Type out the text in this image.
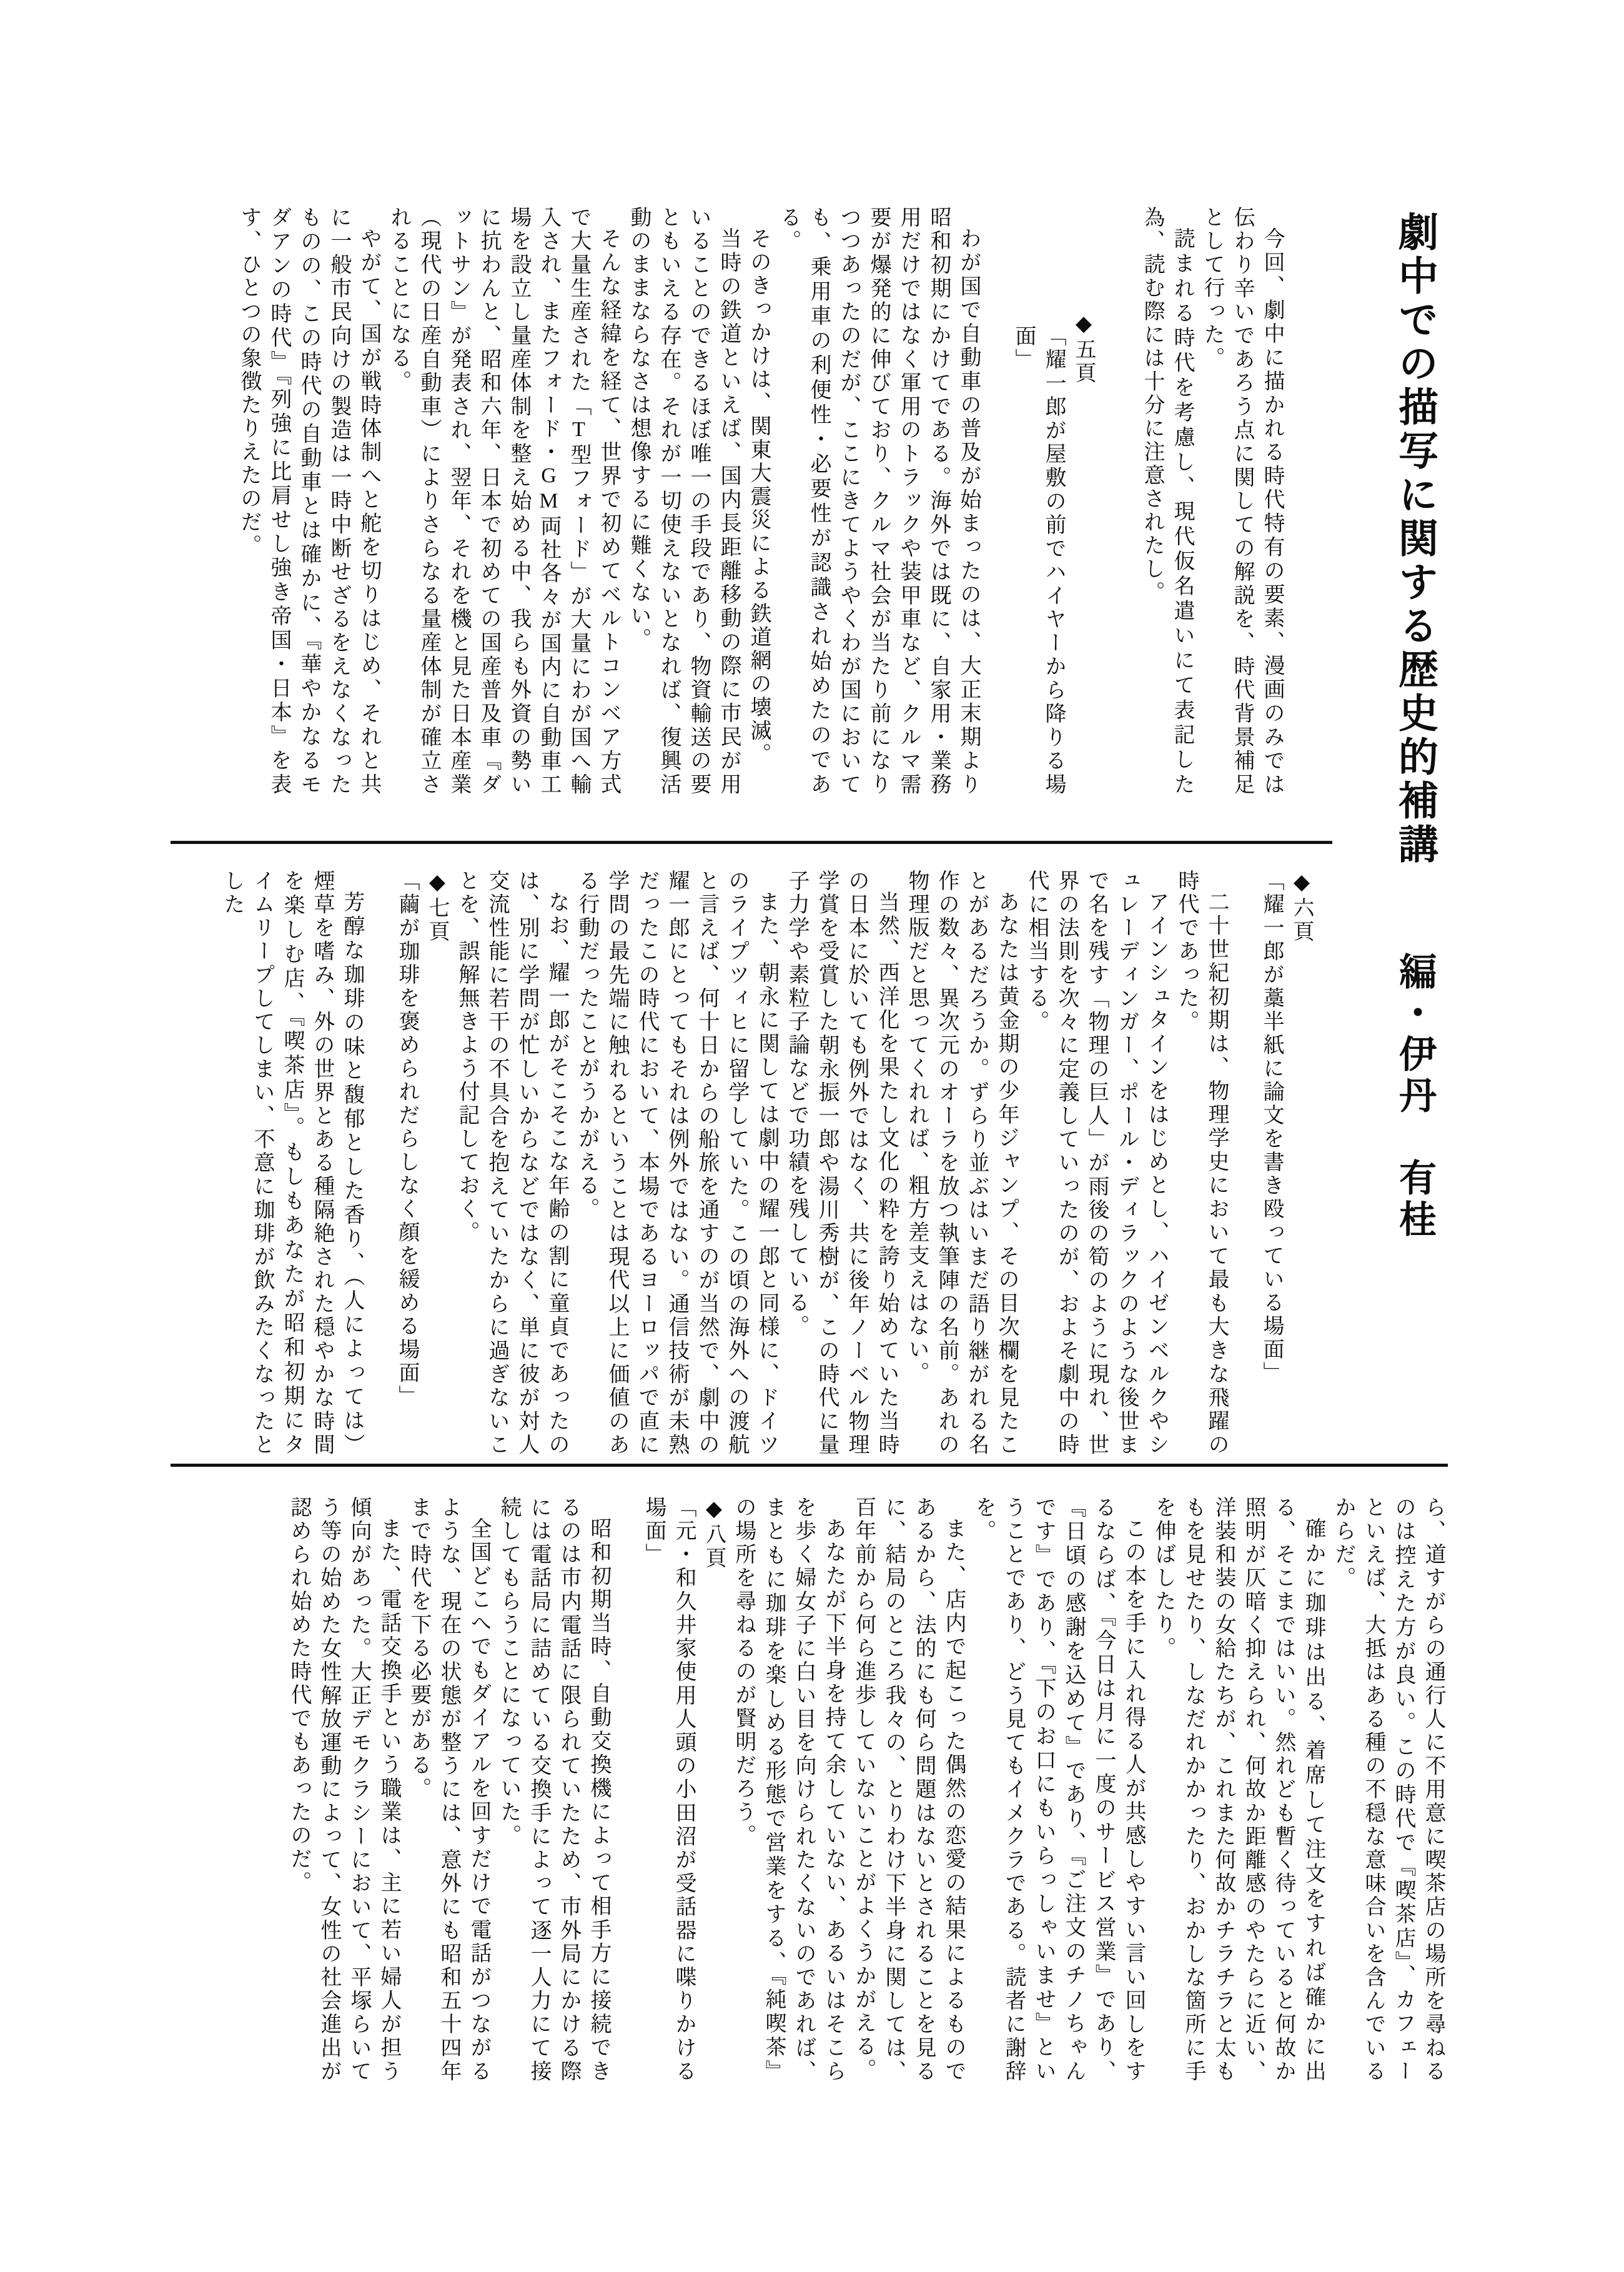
劇中での描写に関する歴史的補講編・伊丹　有桂

今回、劇中に描かれる時代特有の要素、漫画のみでは伝わり辛いであろう点に関しての解説を、時代背景補足として行った。

読まれる時代を考慮し、現代仮名遣いにて表記した為、読む際には十分に注意されたし。

◆五頁

「耀一郎が屋敷の前でハイヤーから降りる場面」

わが国で自動車の普及が始まったのは、大正末期より昭和初期にかけてである。海外では既に、自家用・業務用だけではなく軍用のトラックや装甲車など、クルマ需要が爆発的に伸びており、クルマ社会が当たり前になりつつあったのだが、ここにきてようやくわが国においても、乗用車の利便性・必要性が認識され始めたのである。

そのきっかけは、関東大震災による鉄道網の壊滅。

当時の鉄道といえば、国内長距離移動の際に市民が用いることのできるほぼ唯一の手段であり、物資輸送の要ともいえる存在。それが一切使えないとなれば、復興活動のままならなさは想像するに難くない。

そんな経緯を経て、世界で初めてベルトコンベア方式で大量生産された「T型フォード」が大量にわが国へ輸入され、またフォード・GM両社各々が国内に自動車工場を設立し量産体制を整え始める中、我らも外資の勢いに抗わんと、昭和六年、日本で初めての国産普及車『ダットサン』が発表され、翌年、それを機と見た日本産業（現代の日産自動車）によりさらなる量産体制が確立されることになる。

やがて、国が戦時体制へと舵を切りはじめ、それと共に一般市民向けの製造は一時中断せざるをえなくなったものの、この時代の自動車とは確かに、『華やかなるモダアンの時代』『列強に比肩せし強き帝国・日本』を表す、ひとつの象徴たりえたのだ。

◆六頁

「耀一郎が藁半紙に論文を書き殴っている場面」

二十世紀初期は、物理学史において最も大きな飛躍の時代であった。

アインシュタインをはじめとし、ハイゼンベルクやシュレーディンガー、ポール・ディラックのような後世まで名を残す「物理の巨人」が雨後の筍のように現れ、世界の法則を次々に定義していったのが、およそ劇中の時代に相当する。

あなたは黄金期の少年ジャンプ、その目次欄を見たことがあるだろうか。ずらり並ぶはいまだ語り継がれる名作の数々、異次元のオーラを放つ執筆陣の名前。あれの物理版だと思ってくれれば、粗方差支えはない。

当然、西洋化を果たし文化の粋を誇り始めていた当時の日本に於いても例外ではなく、共に後年ノーベル物理学賞を受賞した朝永振一郎や湯川秀樹が、この時代に量子力学や素粒子論などで功績を残している。

また、朝永に関しては劇中の耀一郎と同様に、ドイツのライプツィヒに留学していた。この頃の海外への渡航と言えば、何十日からの船旅を通すのが当然で、劇中の耀一郎にとってもそれは例外ではない。通信技術が未熟だったこの時代において、本場であるヨーロッパで直に学問の最先端に触れるということは現代以上に価値のある行動だったことがうかがえる。

なお、耀一郎がそこそこな年齢の割に童貞であったのは、別に学問が忙しいからなどではなく、単に彼が対人交流性能に若干の不具合を抱えていたからに過ぎないことを、誤解無きよう付記しておく。

◆七頁

「繭が珈琲を褒められだらしなく顔を緩める場面」

芳醇な珈琲の味と馥郁とした香り、（人によっては）煙草を嗜み、外の世界とある種隔絶された穏やかな時間を楽しむ店、『喫茶店』。もしもあなたが昭和初期にタイムリープしてしまい、不意に珈琲が飲みたくなったとした

ら、道すがらの通行人に不用意に喫茶店の場所を尋ねるのは控えた方が良い。この時代で『喫茶店』、カフェーといえば、大抵はある種の不穏な意味合いを含んでいるからだ。

確かに珈琲は出る、着席して注文をすれば確かに出る、そこまではいい。然れども暫く待っていると何故か照明が仄暗く抑えられ、何故か距離感のやたらに近い、洋装和装の女給たちが、これまた何故かチラチラと太ももを見せたり、しなだれかかったり、おかしな箇所に手を伸ばしたり。

この本を手に入れ得る人が共感しやすい言い回しをするならば、『今日は月に一度のサービス営業』であり、『日頃の感謝を込めて』であり、『ご注文のチノちゃんです』であり、『下のお口にもいらっしゃいませ』ということであり、どう見てもイメクラである。読者に謝辞を。

また、店内で起こった偶然の恋愛の結果によるものであるから、法的にも何ら問題はないとされることを見るに、結局のところ我々の、とりわけ下半身に関しては、百年前から何ら進歩していないことがよくうかがえる。

あなたが下半身を持て余していない、あるいはそこらを歩く婦女子に白い目を向けられたくないのであれば、まともに珈琲を楽しめる形態で営業をする、『純喫茶』の場所を尋ねるのが賢明だろう。

◆八頁

「元・和久井家使用人頭の小田沼が受話器に喋りかける場面」

昭和初期当時、自動交換機によって相手方に接続できるのは市内電話に限られていたため、市外局にかける際には電話局に詰めている交換手によって逐一人力にて接続してもらうことになっていた。

全国どこへでもダイアルを回すだけで電話がつながるような、現在の状態が整うには、意外にも昭和五十四年まで時代を下る必要がある。

また、電話交換手という職業は、主に若い婦人が担う傾向があった。大正デモクラシーにおいて、平塚らいてう等の始めた女性解放運動によって、女性の社会進出が認められ始めた時代でもあったのだ。
